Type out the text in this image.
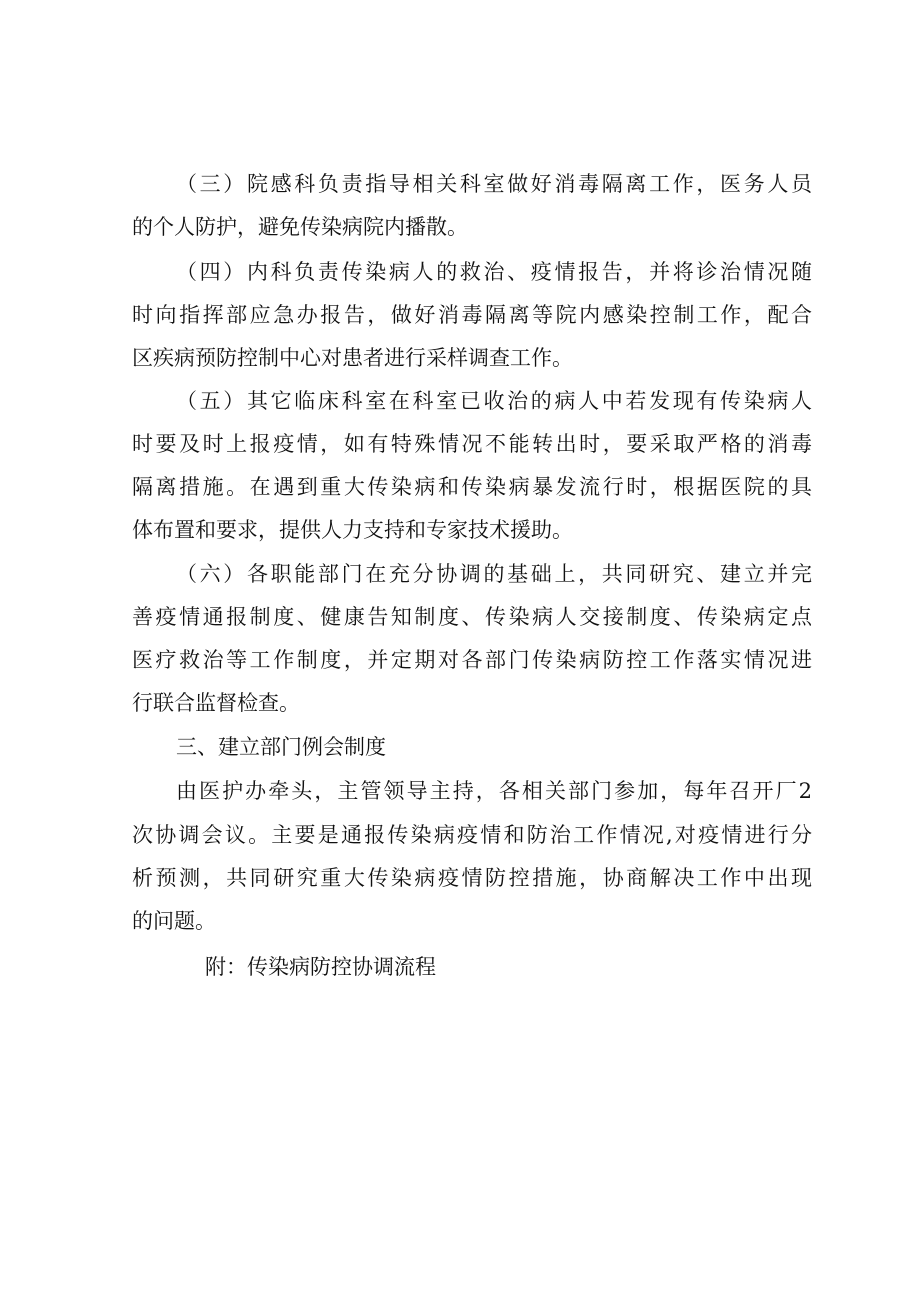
（三）院感科负责指导相关科室做好消毒隔离工作，医务人员
的个人防护，避免传染病院内播散。
（四）内科负责传染病人的救治、疫情报告，并将诊治情况随
时向指挥部应急办报告，做好消毒隔离等院内感染控制工作，配合
区疾病预防控制中心对患者进行采样调查工作。
（五）其它临床科室在科室已收治的病人中若发现有传染病人
时要及时上报疫情，如有特殊情况不能转出时，要采取严格的消毒
隔离措施。在遇到重大传染病和传染病暴发流行时，根据医院的具
体布置和要求，提供人力支持和专家技术援助。
（六）各职能部门在充分协调的基础上，共同研究、建立并完
善疫情通报制度、健康告知制度、传染病人交接制度、传染病定点
医疗救治等工作制度，并定期对各部门传染病防控工作落实情况进
行联合监督检查。
三、建立部门例会制度
由医护办牵头，主管领导主持，各相关部门参加，每年召开厂2
次协调会议。主要是通报传染病疫情和防治工作情况,对疫情进行分
析预测，共同研究重大传染病疫情防控措施，协商解决工作中出现
的问题。
附：传染病防控协调流程
